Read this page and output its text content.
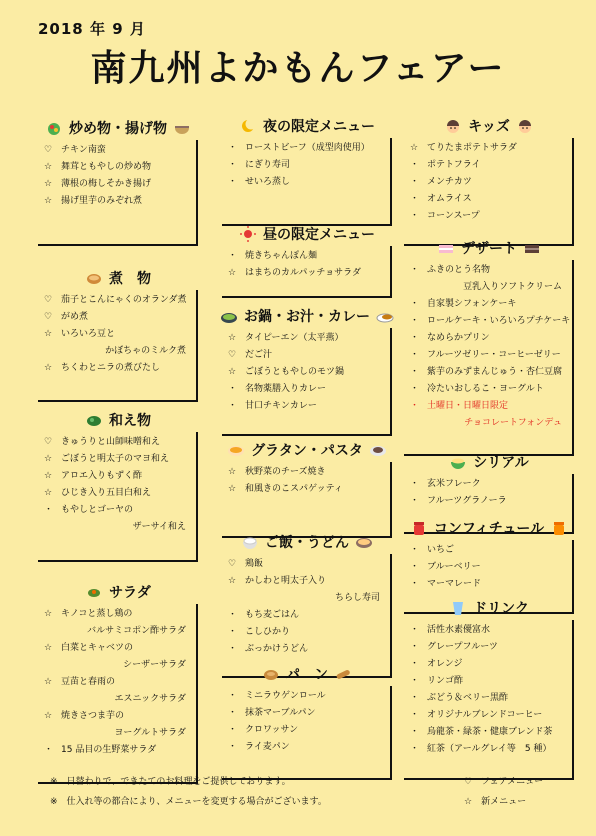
2018 年 9 月
南九州よかもんフェアー
炒め物・揚げ物
♡ チキン南蛮
☆ 舞茸ともやしの炒め物
☆ 薄根の梅しそかき揚げ
☆ 揚げ里芋のみぞれ煮
煮　物
♡ 茄子とこんにゃくのオランダ煮
♡ がめ煮
☆ いろいろ豆と
かぼちゃのミルク煮
☆ ちくわとニラの煮びたし
和え物
♡ きゅうりと山師味噌和え
☆ ごぼうと明太子のマヨ和え
☆ アロエ入りもずく酢
☆ ひじき入り五目白和え
・ もやしとゴーヤの
ザーサイ和え
サラダ
☆ キノコと蒸し鶏の
バルサミコポン酢サラダ
☆ 白菜とキャベツの
シーザーサラダ
☆ 豆苗と春雨の
エスニックサラダ
☆ 焼きさつま芋の
ヨーグルトサラダ
・ 15 品目の生野菜サラダ
夜の限定メニュー
・ ローストビーフ（成型肉使用）
・ にぎり寿司
・ せいろ蒸し
昼の限定メニュー
・ 焼きちゃんぽん麺
☆ はまちのカルパッチョサラダ
お鍋・お汁・カレー
☆ タイピーエン（太平燕）
♡ だご汁
☆ ごぼうともやしのモツ鍋
・ 名物薬膳入りカレー
・ 甘口チキンカレー
グラタン・パスタ
☆ 秋野菜のチーズ焼き
☆ 和風きのこスパゲッティ
ご飯・うどん
♡ 鶏飯
☆ かしわと明太子入り
ちらし寿司
・ もち麦ごはん
・ こしひかり
・ ぶっかけうどん
パ　ン
・ ミニラウゲンロール
・ 抹茶マーブルパン
・ クロワッサン
・ ライ麦パン
キッズ
☆ てりたまポテトサラダ
・ ポテトフライ
・ メンチカツ
・ オムライス
・ コーンスープ
デザート
・ ふきのとう名物
豆乳入りソフトクリーム
・ 自家製シフォンケーキ
・ ロールケーキ・いろいろプチケーキ
・ なめらかプリン
・ フルーツゼリー・コーヒーゼリー
・ 紫芋のみずまんじゅう・杏仁豆腐
・ 冷たいおしるこ・ヨーグルト
・ 土曜日・日曜日限定
チョコレートフォンデュ
シリアル
・ 玄米フレーク
・ フルーツグラノーラ
コンフィチュール
・ いちご
・ ブルーベリー
・ マーマレード
ドリンク
・ 活性水素優富水
・ グレープフルーツ
・ オレンジ
・ リンゴ酢
・ ぶどう＆ベリー黒酢
・ オリジナルブレンドコーヒー
・ 烏龍茶・緑茶・健康ブレンド茶
・ 紅茶（アールグレイ等　5 種）
※　日替わりで、できたてのお料理をご提供しております。
※　仕入れ等の都合により、メニューを変更する場合がございます。
♡　フェアメニュー
☆　新メニュー
